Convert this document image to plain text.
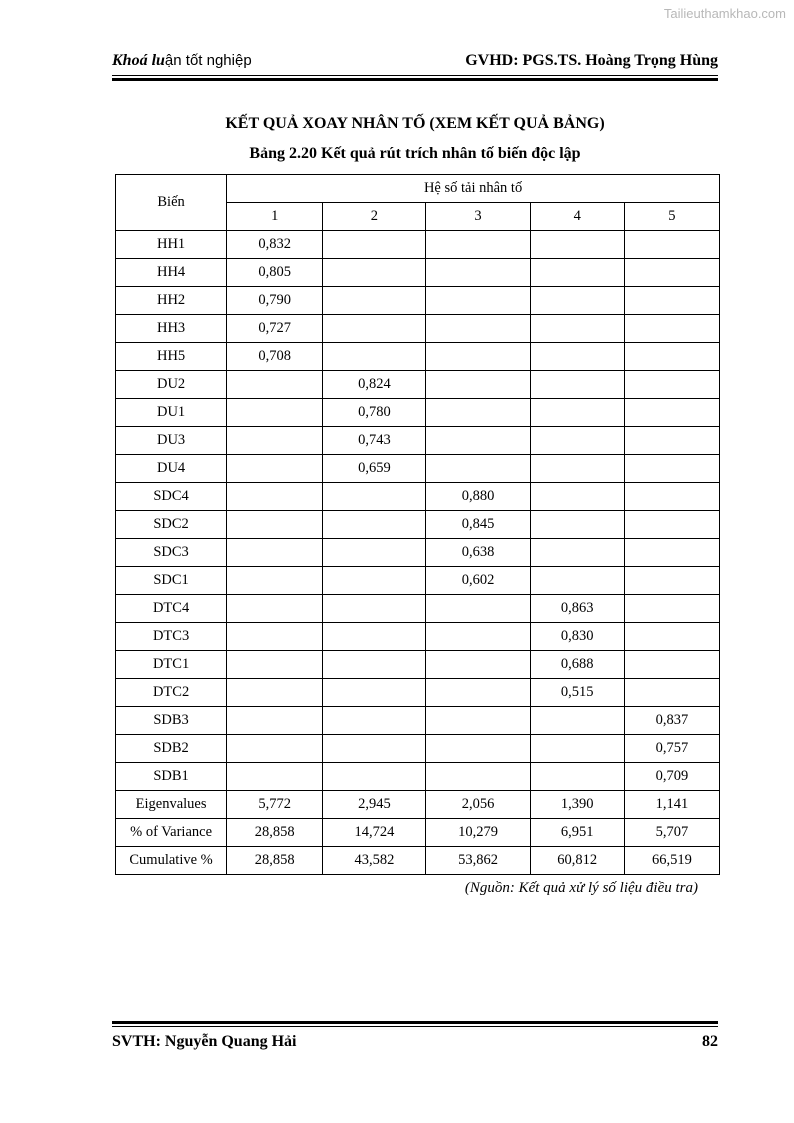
Tailieuthamkhao.com
Khoá luận tốt nghiệp	GVHD: PGS.TS. Hoàng Trọng Hùng
KẾT QUẢ XOAY NHÂN TỐ (XEM KẾT QUẢ BẢNG)
Bảng 2.20 Kết quả rút trích nhân tố biến độc lập
Biến	Hệ số tải nhân tố				
	1	2	3	4	5
HH1	0,832				
HH4	0,805				
HH2	0,790				
HH3	0,727				
HH5	0,708				
DU2		0,824			
DU1		0,780			
DU3		0,743			
DU4		0,659			
SDC4			0,880		
SDC2			0,845		
SDC3			0,638		
SDC1			0,602		
DTC4				0,863	
DTC3				0,830	
DTC1				0,688	
DTC2				0,515	
SDB3					0,837
SDB2					0,757
SDB1					0,709
Eigenvalues	5,772	2,945	2,056	1,390	1,141
% of Variance	28,858	14,724	10,279	6,951	5,707
Cumulative %	28,858	43,582	53,862	60,812	66,519
(Nguồn: Kết quả xử lý số liệu điều tra)
SVTH: Nguyễn Quang Hải	82
